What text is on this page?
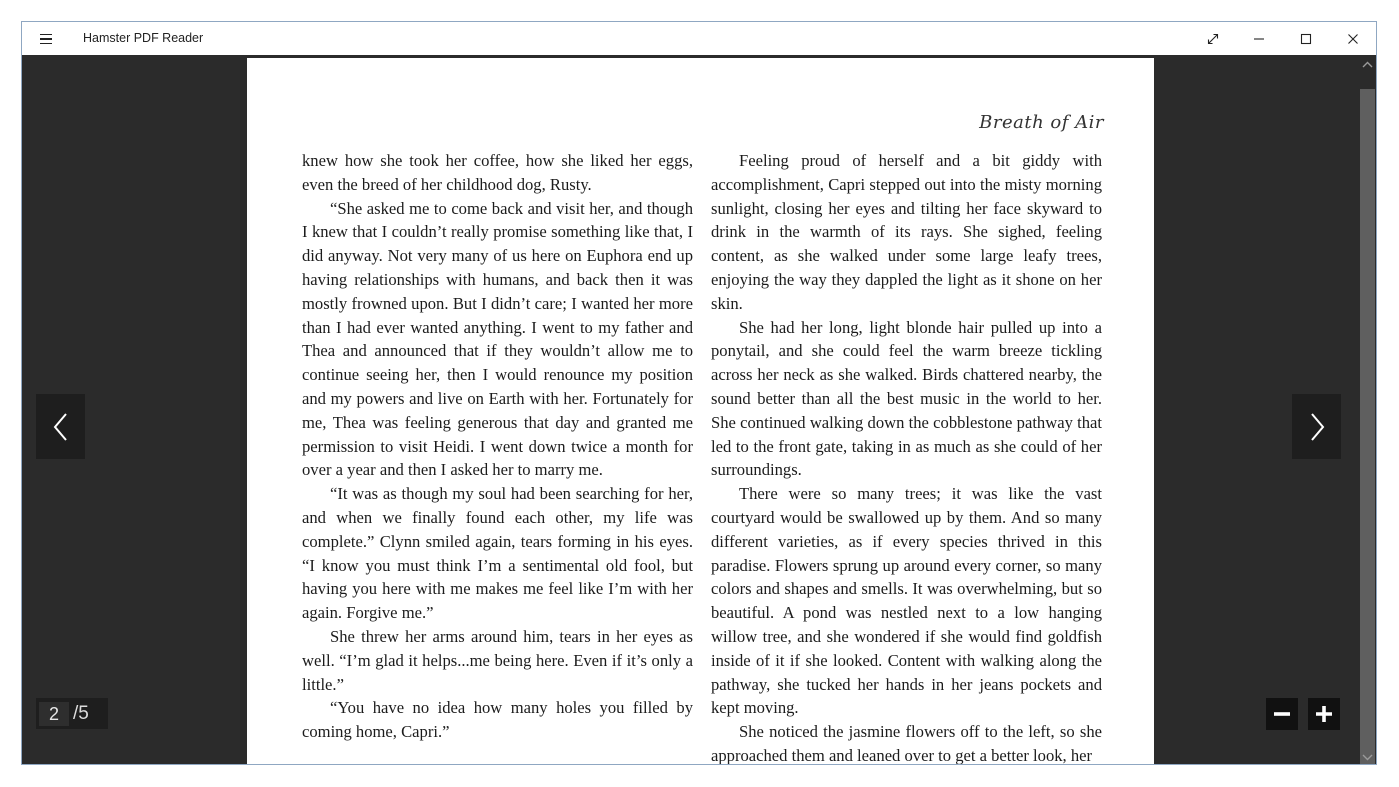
Hamster PDF Reader
Breath of Air

knew how she took her coffee, how she liked her eggs, even the breed of her childhood dog, Rusty.

“She asked me to come back and visit her, and though I knew that I couldn’t really promise something like that, I did anyway. Not very many of us here on Euphora end up having relationships with humans, and back then it was mostly frowned upon. But I didn’t care; I wanted her more than I had ever wanted anything. I went to my father and Thea and announced that if they wouldn’t allow me to continue seeing her, then I would renounce my position and my powers and live on Earth with her. Fortunately for me, Thea was feeling generous that day and granted me permission to visit Heidi. I went down twice a month for over a year and then I asked her to marry me.

“It was as though my soul had been searching for her, and when we finally found each other, my life was complete.” Clynn smiled again, tears forming in his eyes. “I know you must think I’m a sentimental old fool, but having you here with me makes me feel like I’m with her again. Forgive me.”

She threw her arms around him, tears in her eyes as well. “I’m glad it helps...me being here. Even if it’s only a little.”

“You have no idea how many holes you filled by coming home, Capri.”

Feeling proud of herself and a bit giddy with accomplishment, Capri stepped out into the misty morning sunlight, closing her eyes and tilting her face skyward to drink in the warmth of its rays. She sighed, feeling content, as she walked under some large leafy trees, enjoying the way they dappled the light as it shone on her skin.

She had her long, light blonde hair pulled up into a ponytail, and she could feel the warm breeze tickling across her neck as she walked. Birds chattered nearby, the sound better than all the best music in the world to her. She continued walking down the cobblestone pathway that led to the front gate, taking in as much as she could of her surroundings.

There were so many trees; it was like the vast courtyard would be swallowed up by them. And so many different varieties, as if every species thrived in this paradise. Flowers sprung up around every corner, so many colors and shapes and smells. It was overwhelming, but so beautiful. A pond was nestled next to a low hanging willow tree, and she wondered if she would find goldfish inside of it if she looked. Content with walking along the pathway, she tucked her hands in her jeans pockets and kept moving.

She noticed the jasmine flowers off to the left, so she approached them and leaned over to get a better look, her

2 /5
